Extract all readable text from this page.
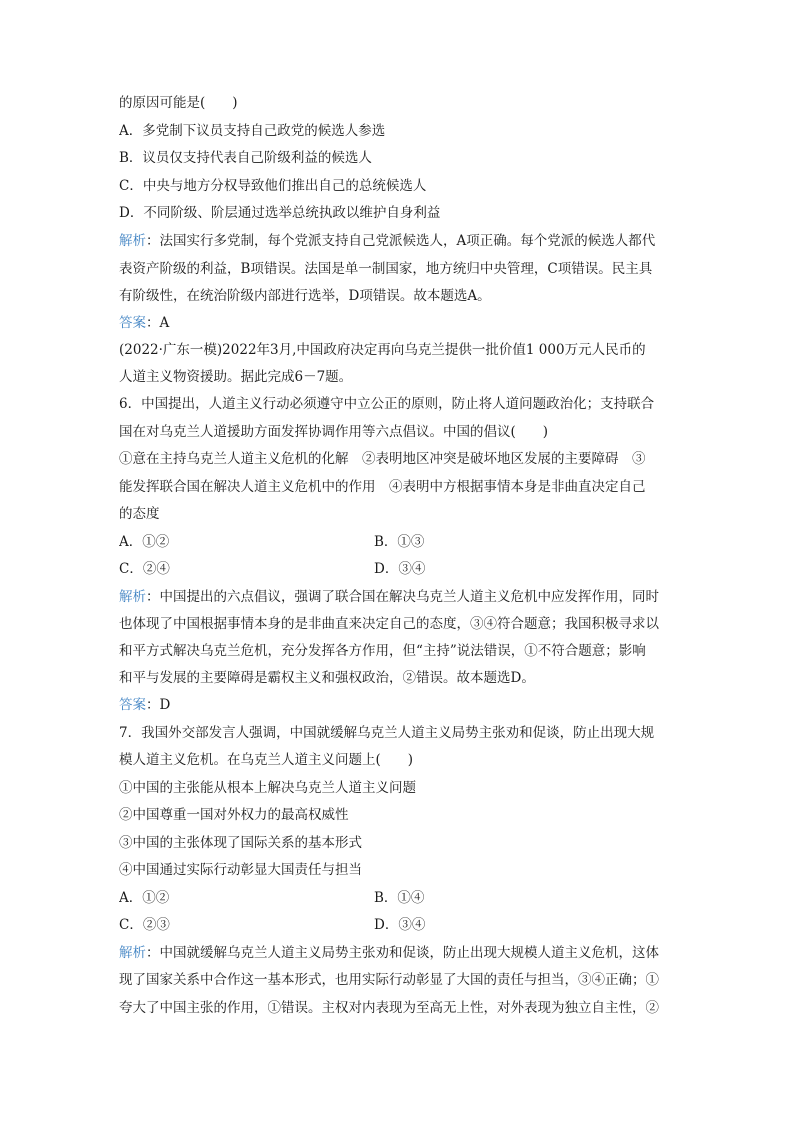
的原因可能是(　　)
A．多党制下议员支持自己政党的候选人参选
B．议员仅支持代表自己阶级利益的候选人
C．中央与地方分权导致他们推出自己的总统候选人
D．不同阶级、阶层通过选举总统执政以维护自身利益
解析：法国实行多党制，每个党派支持自己党派候选人，A项正确。每个党派的候选人都代
表资产阶级的利益，B项错误。法国是单一制国家，地方统归中央管理，C项错误。民主具
有阶级性，在统治阶级内部进行选举，D项错误。故本题选A。
答案：A
(2022·广东一模)2022年3月,中国政府决定再向乌克兰提供一批价值1 000万元人民币的
人道主义物资援助。据此完成6－7题。
6．中国提出，人道主义行动必须遵守中立公正的原则，防止将人道问题政治化；支持联合
国在对乌克兰人道援助方面发挥协调作用等六点倡议。中国的倡议(　　)
①意在主持乌克兰人道主义危机的化解　②表明地区冲突是破坏地区发展的主要障碍　③
能发挥联合国在解决人道主义危机中的作用　④表明中方根据事情本身是非曲直决定自己
的态度
A．①②	B．①③
C．②④	D．③④
解析：中国提出的六点倡议，强调了联合国在解决乌克兰人道主义危机中应发挥作用，同时
也体现了中国根据事情本身的是非曲直来决定自己的态度，③④符合题意；我国积极寻求以
和平方式解决乌克兰危机，充分发挥各方作用，但“主持”说法错误，①不符合题意；影响
和平与发展的主要障碍是霸权主义和强权政治，②错误。故本题选D。
答案：D
7．我国外交部发言人强调，中国就缓解乌克兰人道主义局势主张劝和促谈，防止出现大规
模人道主义危机。在乌克兰人道主义问题上(　　)
①中国的主张能从根本上解决乌克兰人道主义问题
②中国尊重一国对外权力的最高权威性
③中国的主张体现了国际关系的基本形式
④中国通过实际行动彰显大国责任与担当
A．①②	B．①④
C．②③	D．③④
解析：中国就缓解乌克兰人道主义局势主张劝和促谈，防止出现大规模人道主义危机，这体
现了国家关系中合作这一基本形式，也用实际行动彰显了大国的责任与担当，③④正确；①
夸大了中国主张的作用，①错误。主权对内表现为至高无上性，对外表现为独立自主性，②
